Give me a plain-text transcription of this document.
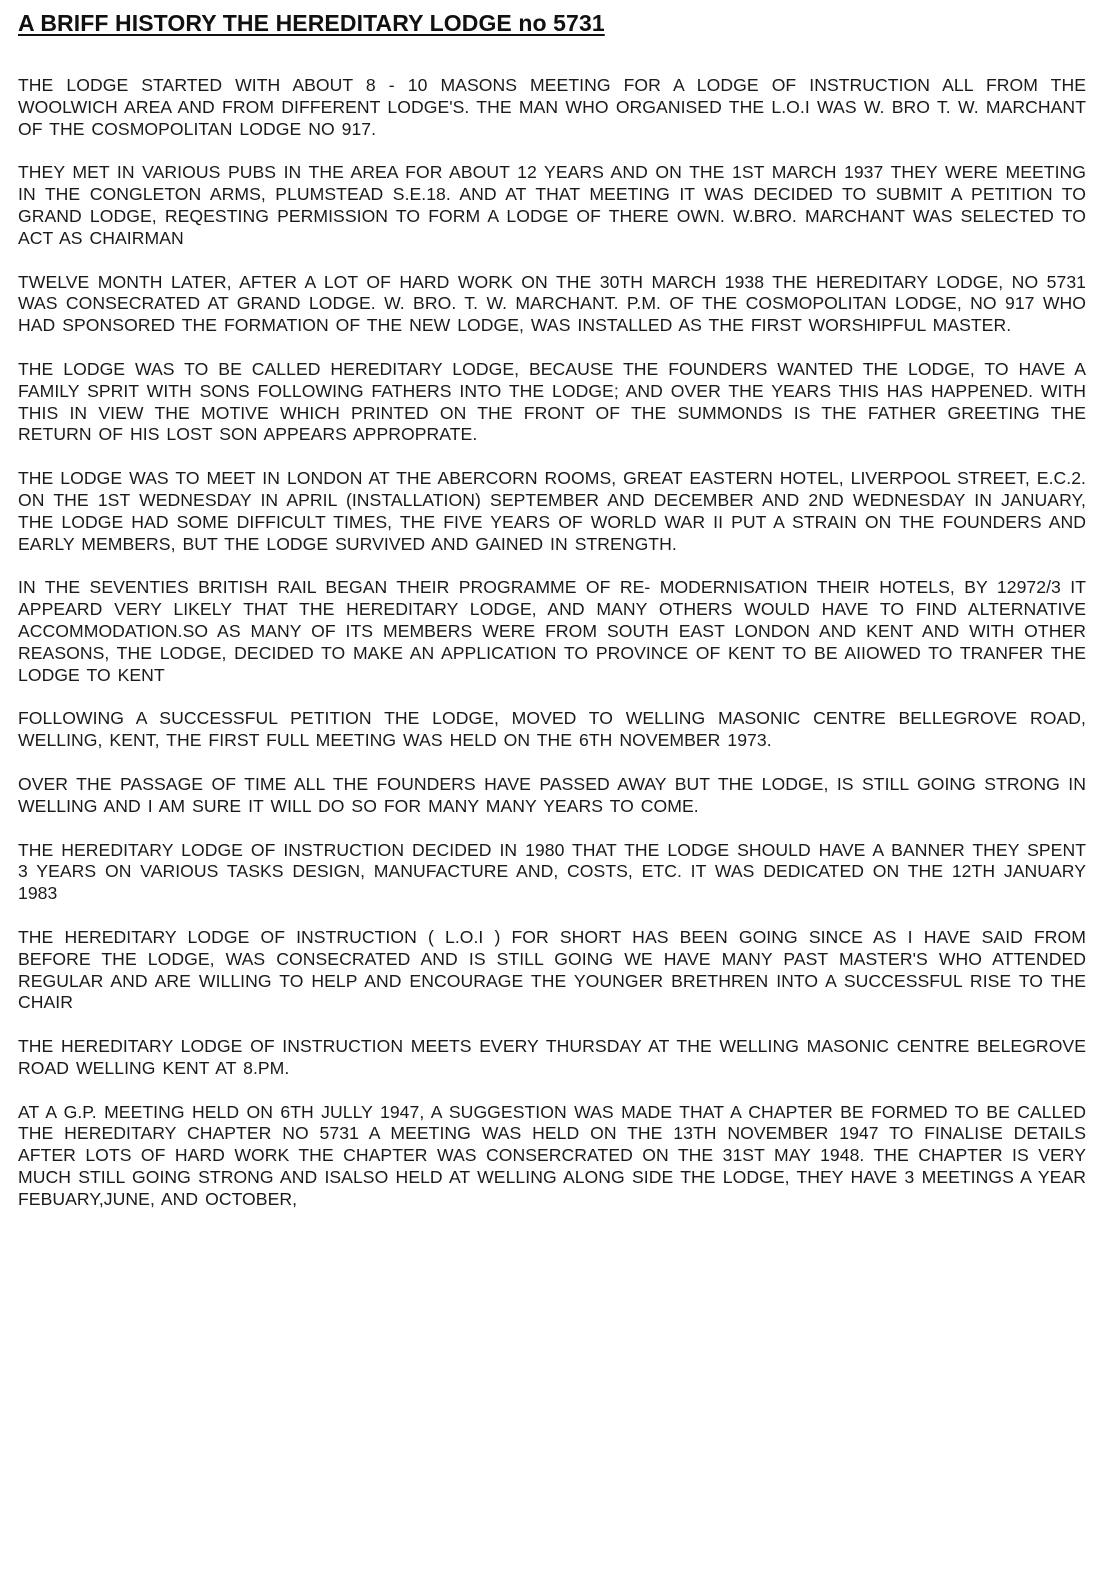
A BRIFF HISTORY THE HEREDITARY LODGE no 5731

THE LODGE STARTED WITH ABOUT 8 - 10 MASONS MEETING FOR A LODGE OF INSTRUCTION ALL FROM THE WOOLWICH AREA AND FROM DIFFERENT LODGE'S. THE MAN WHO ORGANISED THE L.O.I WAS W. BRO T. W. MARCHANT OF THE COSMOPOLITAN LODGE NO 917.

THEY MET IN VARIOUS PUBS IN THE AREA FOR ABOUT 12 YEARS AND ON THE 1ST MARCH 1937 THEY WERE MEETING IN THE CONGLETON ARMS, PLUMSTEAD S.E.18. AND AT THAT MEETING IT WAS DECIDED TO SUBMIT A PETITION TO GRAND LODGE, REQESTING PERMISSION TO FORM A LODGE OF THERE OWN. W.BRO. MARCHANT WAS SELECTED TO ACT AS CHAIRMAN

TWELVE MONTH LATER, AFTER A LOT OF HARD WORK ON THE 30TH MARCH 1938 THE HEREDITARY LODGE, NO 5731 WAS CONSECRATED AT GRAND LODGE. W. BRO. T. W. MARCHANT. P.M. OF THE COSMOPOLITAN LODGE, NO 917 WHO HAD SPONSORED THE FORMATION OF THE NEW LODGE, WAS INSTALLED AS THE FIRST WORSHIPFUL MASTER.

THE LODGE WAS TO BE CALLED HEREDITARY LODGE, BECAUSE THE FOUNDERS WANTED THE LODGE, TO HAVE A FAMILY SPRIT WITH SONS FOLLOWING FATHERS INTO THE LODGE; AND OVER THE YEARS THIS HAS HAPPENED. WITH THIS IN VIEW THE MOTIVE WHICH PRINTED ON THE FRONT OF THE SUMMONDS IS THE FATHER GREETING THE RETURN OF HIS LOST SON APPEARS APPROPRATE.

THE LODGE WAS TO MEET IN LONDON AT THE ABERCORN ROOMS, GREAT EASTERN HOTEL, LIVERPOOL STREET, E.C.2. ON THE 1ST WEDNESDAY IN APRIL (INSTALLATION) SEPTEMBER AND DECEMBER AND 2ND WEDNESDAY IN JANUARY, THE LODGE HAD SOME DIFFICULT TIMES, THE FIVE YEARS OF WORLD WAR II PUT A STRAIN ON THE FOUNDERS AND EARLY MEMBERS, BUT THE LODGE SURVIVED AND GAINED IN STRENGTH.

IN THE SEVENTIES BRITISH RAIL BEGAN THEIR PROGRAMME OF RE- MODERNISATION THEIR HOTELS, BY 12972/3 IT APPEARD VERY LIKELY THAT THE HEREDITARY LODGE, AND MANY OTHERS WOULD HAVE TO FIND ALTERNATIVE ACCOMMODATION.SO AS MANY OF ITS MEMBERS WERE FROM SOUTH EAST LONDON AND KENT AND WITH OTHER REASONS, THE LODGE, DECIDED TO MAKE AN APPLICATION TO PROVINCE OF KENT TO BE AIIOWED TO TRANFER THE LODGE TO KENT

FOLLOWING A SUCCESSFUL PETITION THE LODGE, MOVED TO WELLING MASONIC CENTRE BELLEGROVE ROAD, WELLING, KENT, THE FIRST FULL MEETING WAS HELD ON THE 6TH NOVEMBER 1973.

OVER THE PASSAGE OF TIME ALL THE FOUNDERS HAVE PASSED AWAY BUT THE LODGE, IS STILL GOING STRONG IN WELLING AND I AM SURE IT WILL DO SO FOR MANY MANY YEARS TO COME.

THE HEREDITARY LODGE OF INSTRUCTION DECIDED IN 1980 THAT THE LODGE SHOULD HAVE A BANNER THEY SPENT 3 YEARS ON VARIOUS TASKS DESIGN, MANUFACTURE AND, COSTS, ETC. IT WAS DEDICATED ON THE 12TH JANUARY 1983

THE HEREDITARY LODGE OF INSTRUCTION ( L.O.I ) FOR SHORT HAS BEEN GOING SINCE AS I HAVE SAID FROM BEFORE THE LODGE, WAS CONSECRATED AND IS STILL GOING WE HAVE MANY PAST MASTER'S WHO ATTENDED REGULAR AND ARE WILLING TO HELP AND ENCOURAGE THE YOUNGER BRETHREN INTO A SUCCESSFUL RISE TO THE CHAIR

THE HEREDITARY LODGE OF INSTRUCTION MEETS EVERY THURSDAY AT THE WELLING MASONIC CENTRE BELEGROVE ROAD WELLING KENT AT 8.PM.

AT A G.P. MEETING HELD ON 6TH JULLY 1947, A SUGGESTION WAS MADE THAT A CHAPTER BE FORMED TO BE CALLED THE HEREDITARY CHAPTER NO 5731 A MEETING WAS HELD ON THE 13TH NOVEMBER 1947 TO FINALISE DETAILS AFTER LOTS OF HARD WORK THE CHAPTER WAS CONSERCRATED ON THE 31ST MAY 1948. THE CHAPTER IS VERY MUCH STILL GOING STRONG AND ISALSO HELD AT WELLING ALONG SIDE THE LODGE, THEY HAVE 3 MEETINGS A YEAR FEBUARY,JUNE, AND OCTOBER,
